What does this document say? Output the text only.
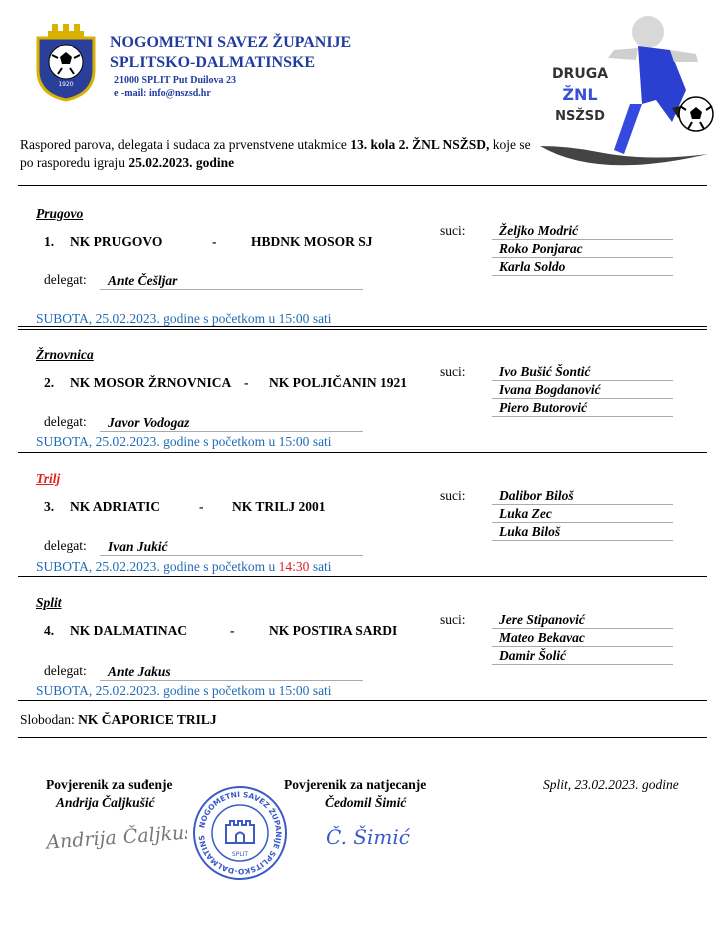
SPLIT
1920
NOGOMETNI SAVEZ ŽUPANIJE
SPLITSKO-DALMATINSKE
21000 SPLIT Put Duilova 23
e -mail: info@nszsd.hr
DRUGA
ŽNL
NSŽSD
Raspored parova, delegata i sudaca za prvenstvene utakmice 13. kola 2. ŽNL NSŽSD, koje se po rasporedu igraju 25.02.2023. godine
Prugovo
1. NK PRUGOVO	-	HBDNK MOSOR SJ
suci:	Željko Modrić
Roko Ponjarac
Karla Soldo
delegat:	Ante Češljar
SUBOTA, 25.02.2023. godine s početkom u 15:00 sati
Žrnovnica
2. NK MOSOR ŽRNOVNICA - NK POLJIČANIN 1921
suci:	Ivo Bušić Šontić
Ivana Bogdanović
Piero Butorović
delegat:	Javor Vodogaz
SUBOTA, 25.02.2023. godine s početkom u 15:00 sati
Trilj
3. NK ADRIATIC	- NK TRILJ 2001
suci:	Dalibor Biloš
Luka Zec
Luka Biloš
delegat:	Ivan Jukić
SUBOTA, 25.02.2023. godine s početkom u 14:30 sati
Split
4. NK DALMATINAC	-	NK POSTIRA SARDI
suci:	Jere Stipanović
Mateo Bekavac
Damir Šolić
delegat:	Ante Jakus
SUBOTA, 25.02.2023. godine s početkom u 15:00 sati
Slobodan: NK ČAPORICE TRILJ
Povjerenik za suđenje
Andrija Čaljkušić
Povjerenik za natjecanje
Čedomil Šimić
Split, 23.02.2023. godine
Andrija Čaljkušić
NOGOMETNI SAVEZ ŽUPANIJE SPLITSKO-DALMATINS
SPLIT
Č. Šimić
